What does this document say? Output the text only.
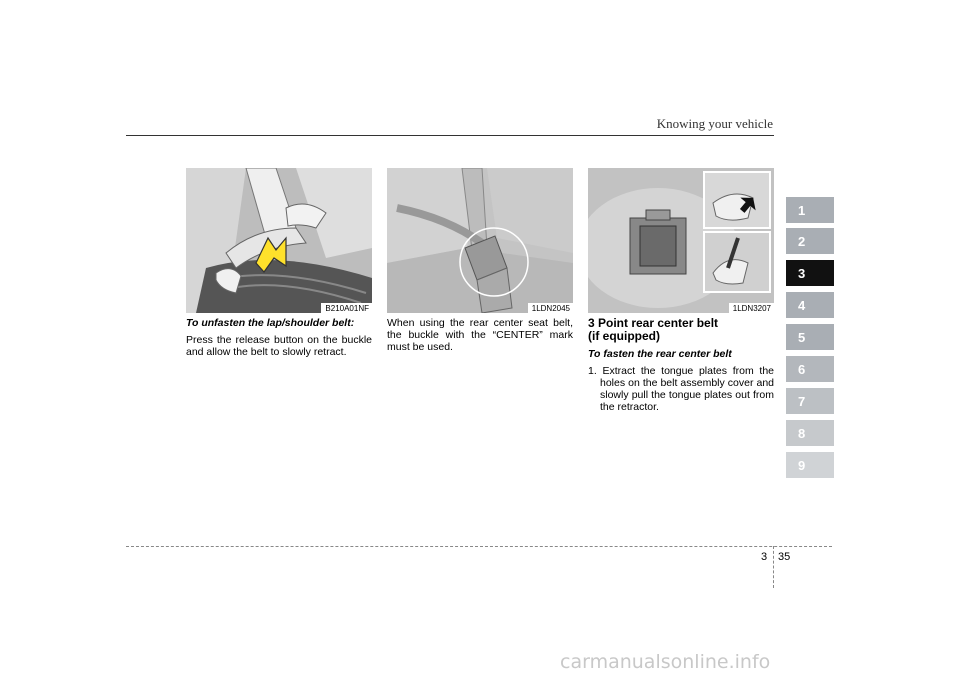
Knowing your vehicle
B210A01NF	1LDN2045	1LDN3207

To unfasten the lap/shoulder belt:

Press the release button on the buckle and allow the belt to slowly retract.

When using the rear center seat belt, the buckle with the “CENTER” mark must be used.

3 Point rear center belt
(if equipped)

To fasten the rear center belt

1. Extract the tongue plates from the holes on the belt assembly cover and slowly pull the tongue plates out from the retractor.

1
2
3
4
5
6
7
8
9
3 35
carmanualsonline.info
